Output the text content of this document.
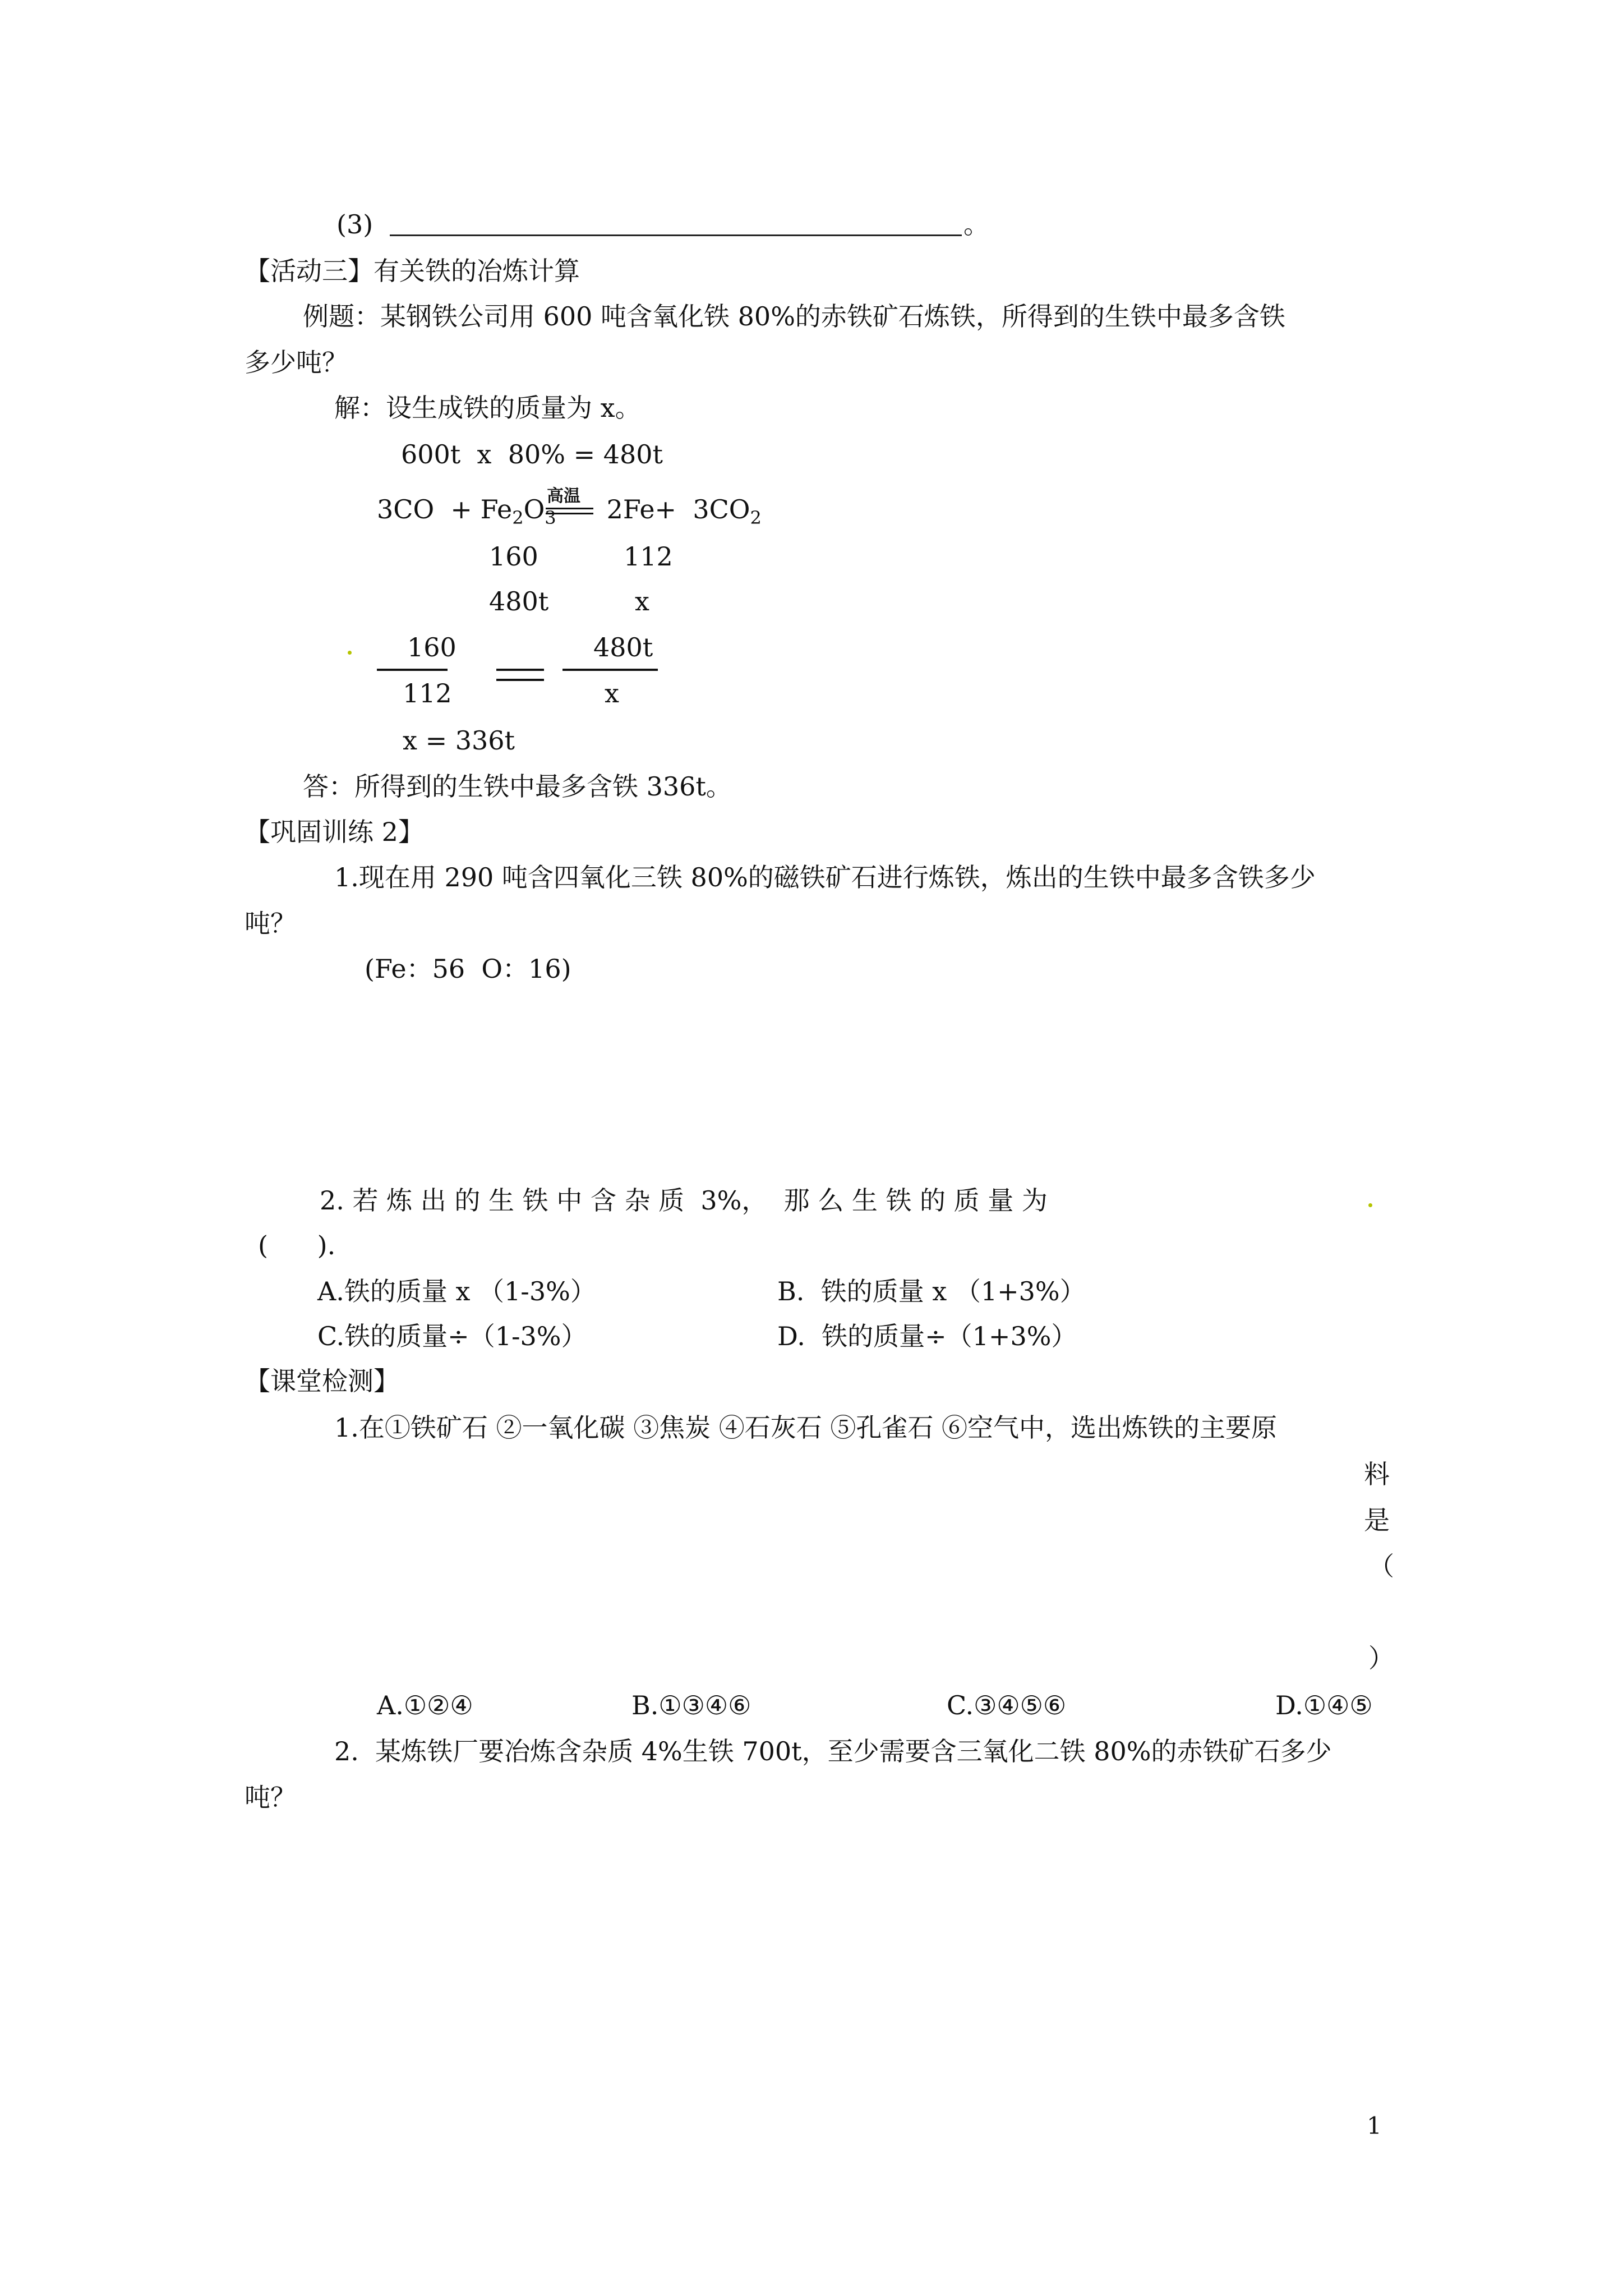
(3)	。
【活动三】有关铁的冶炼计算
例题：某钢铁公司用 600 吨含氧化铁 80%的赤铁矿石炼铁，所得到的生铁中最多含铁
多少吨？
解：设生成铁的质量为 x。
600t  x  80% = 480t
$3CO + Fe_2O_3$ $2Fe+ 3CO_2$
高温
160	112
480t	x
160
112
480t
x
x = 336t
答：所得到的生铁中最多含铁 336t。
【巩固训练 2】
1.现在用 290 吨含四氧化三铁 80%的磁铁矿石进行炼铁，炼出的生铁中最多含铁多少
吨？
(Fe：56  O：16)
2. 若 炼 出 的 生 铁 中 含 杂 质  3%，  那 么 生 铁 的 质 量 为
(      ).
A.铁的质量 x （1-3%）	B.  铁的质量 x （1+3%）
C.铁的质量÷（1-3%）	D.  铁的质量÷（1+3%）
【课堂检测】
1.在①铁矿石 ②一氧化碳 ③焦炭 ④石灰石 ⑤孔雀石 ⑥空气中，选出炼铁的主要原
料
是
（
）
A.①②④	B.①③④⑥	C.③④⑤⑥	D.①④⑤
2.  某炼铁厂要冶炼含杂质 4%生铁 700t，至少需要含三氧化二铁 80%的赤铁矿石多少
吨？
1
